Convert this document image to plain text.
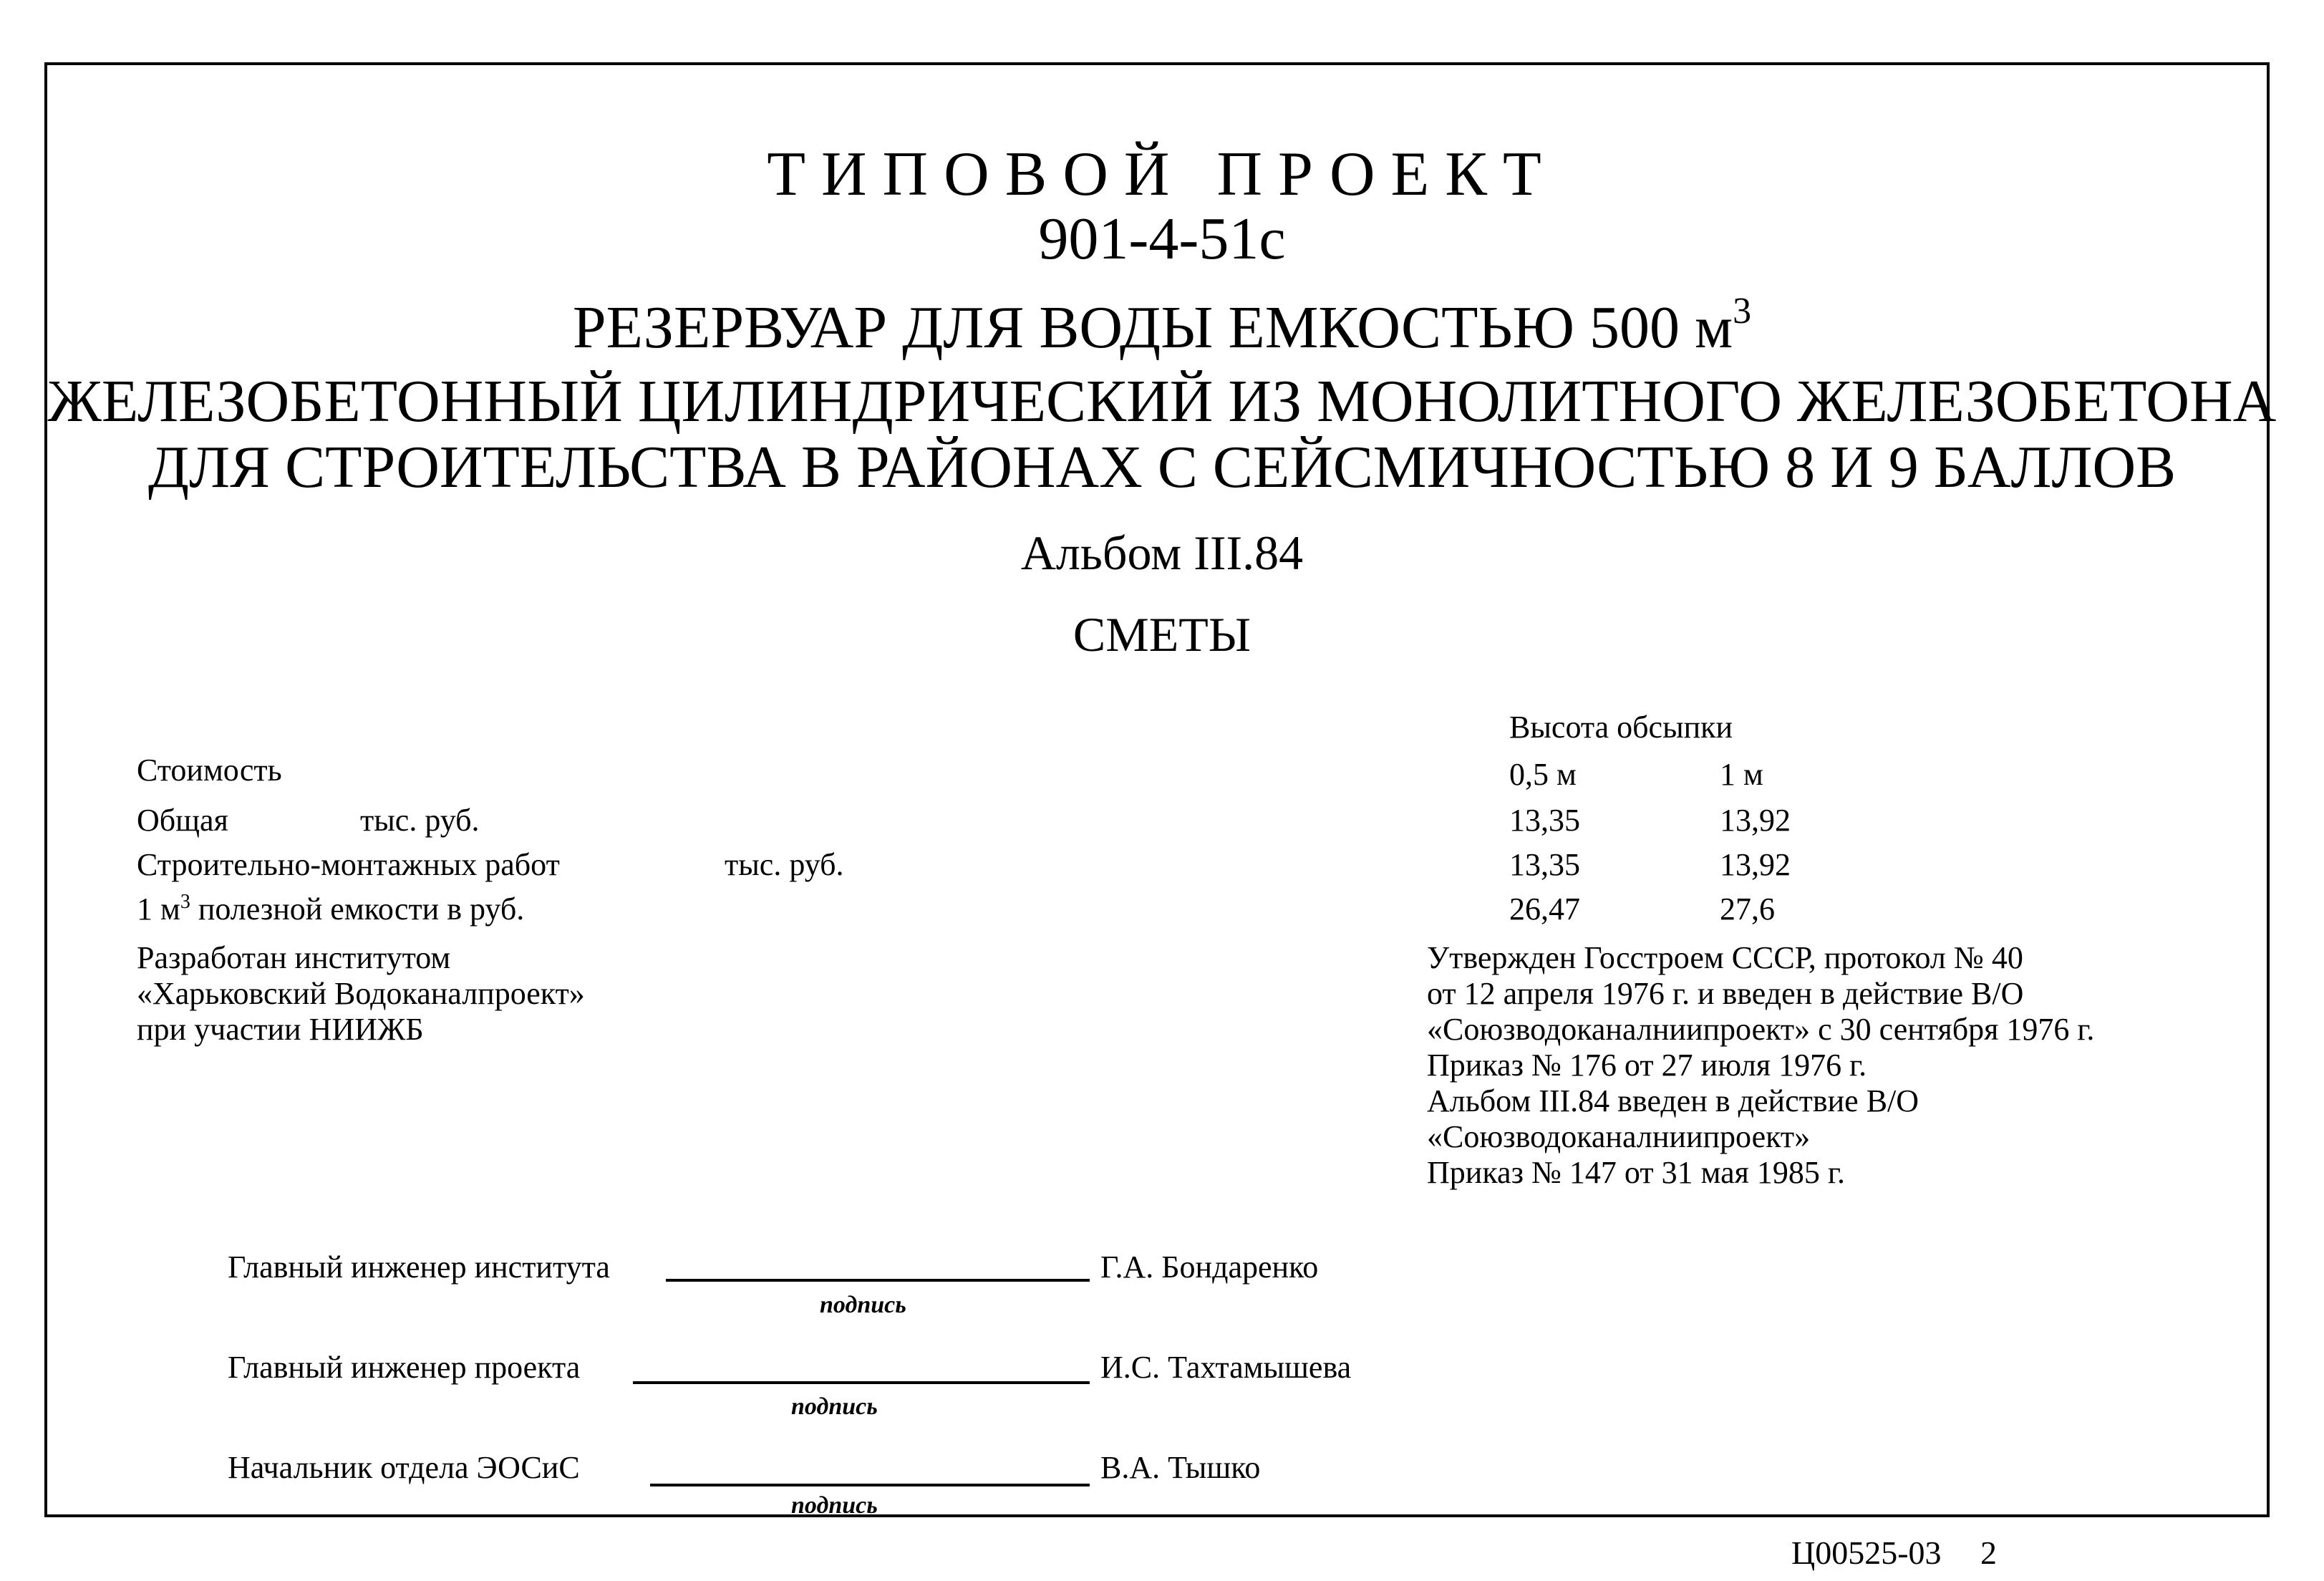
ТИПОВОЙ ПРОЕКТ
901-4-51с
РЕЗЕРВУАР ДЛЯ ВОДЫ ЕМКОСТЬЮ 500 $м^3$
ЖЕЛЕЗОБЕТОННЫЙ ЦИЛИНДРИЧЕСКИЙ ИЗ МОНОЛИТНОГО ЖЕЛЕЗОБЕТОНА
ДЛЯ СТРОИТЕЛЬСТВА В РАЙОНАХ С СЕЙСМИЧНОСТЬЮ 8 И 9 БАЛЛОВ
Альбом III.84
СМЕТЫ
Высота обсыпки
0,5 м	1 м
Стоимость
Общая	тыс. руб.	13,35	13,92
Строительно-монтажных работ	тыс. руб.	13,35	13,92
1 $м^3$ полезной емкости в руб.	26,47	27,6
Разработан институтом
«Харьковский Водоканалпроект»
при участии НИИЖБ
Утвержден Госстроем СССР, протокол № 40
от 12 апреля 1976 г. и введен в действие В/О
«Союзводоканалниипроект» с 30 сентября 1976 г.
Приказ № 176 от 27 июля 1976 г.
Альбом III.84 введен в действие В/О
«Союзводоканалниипроект»
Приказ № 147 от 31 мая 1985 г.
Главный инженер института
подпись
Г.А. Бондаренко
Главный инженер проекта
подпись
И.С. Тахтамышева
Начальник отдела ЭОСиС
подпись
В.А. Тышко
Ц00525-03 2
